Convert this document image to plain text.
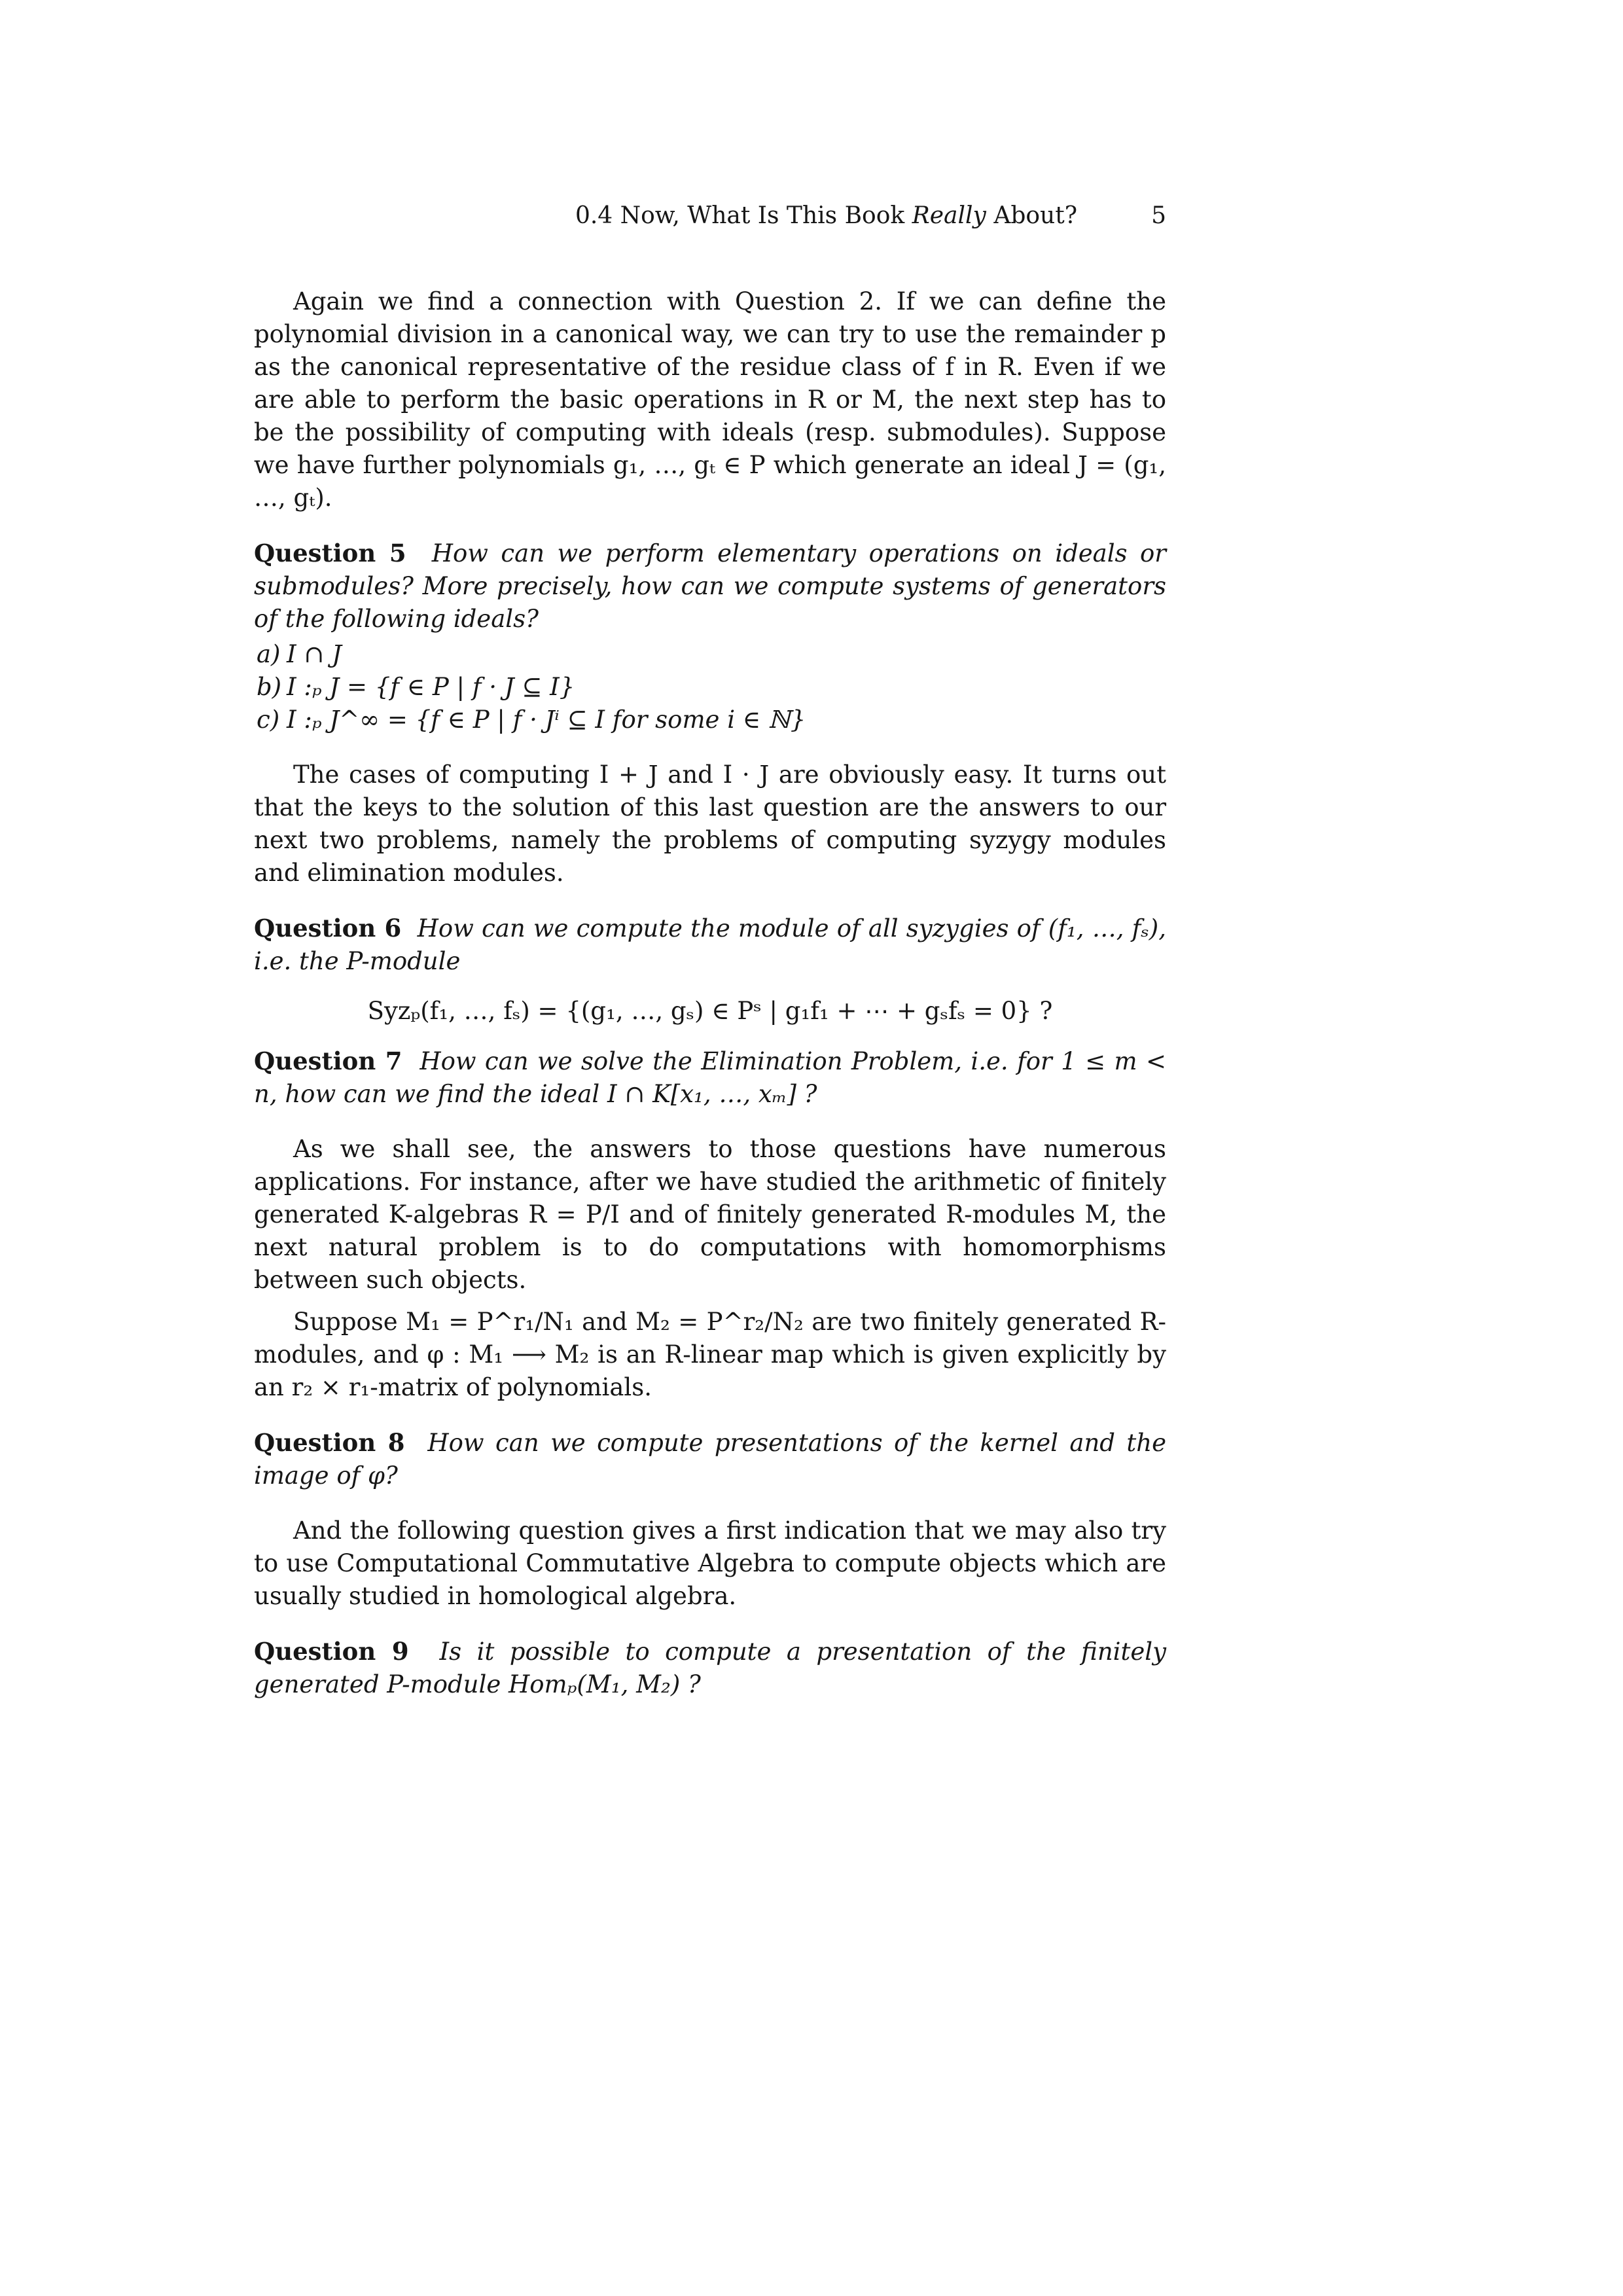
0.4 Now, What Is This Book Really About?	5

Again we find a connection with Question 2. If we can define the polynomial division in a canonical way, we can try to use the remainder p as the canonical representative of the residue class of f in R. Even if we are able to perform the basic operations in R or M, the next step has to be the possibility of computing with ideals (resp. submodules). Suppose we have further polynomials g₁, …, gₜ ∈ P which generate an ideal J = (g₁, …, gₜ).

Question 5 How can we perform elementary operations on ideals or submodules? More precisely, how can we compute systems of generators of the following ideals?

a) I ∩ J
b) I :ₚ J = {f ∈ P | f · J ⊆ I}
c) I :ₚ J^∞ = {f ∈ P | f · Jⁱ ⊆ I for some i ∈ ℕ}

The cases of computing I + J and I · J are obviously easy. It turns out that the keys to the solution of this last question are the answers to our next two problems, namely the problems of computing syzygy modules and elimination modules.

Question 6 How can we compute the module of all syzygies of (f₁, …, fₛ), i.e. the P-module

Syzₚ(f₁, …, fₛ) = {(g₁, …, gₛ) ∈ Pˢ | g₁f₁ + ⋯ + gₛfₛ = 0} ?

Question 7 How can we solve the Elimination Problem, i.e. for 1 ≤ m < n, how can we find the ideal I ∩ K[x₁, …, xₘ] ?

As we shall see, the answers to those questions have numerous applications. For instance, after we have studied the arithmetic of finitely generated K-algebras R = P/I and of finitely generated R-modules M, the next natural problem is to do computations with homomorphisms between such objects.

Suppose M₁ = P^r₁/N₁ and M₂ = P^r₂/N₂ are two finitely generated R-modules, and φ : M₁ ⟶ M₂ is an R-linear map which is given explicitly by an r₂ × r₁-matrix of polynomials.

Question 8 How can we compute presentations of the kernel and the image of φ?

And the following question gives a first indication that we may also try to use Computational Commutative Algebra to compute objects which are usually studied in homological algebra.

Question 9 Is it possible to compute a presentation of the finitely generated P-module Homₚ(M₁, M₂) ?
